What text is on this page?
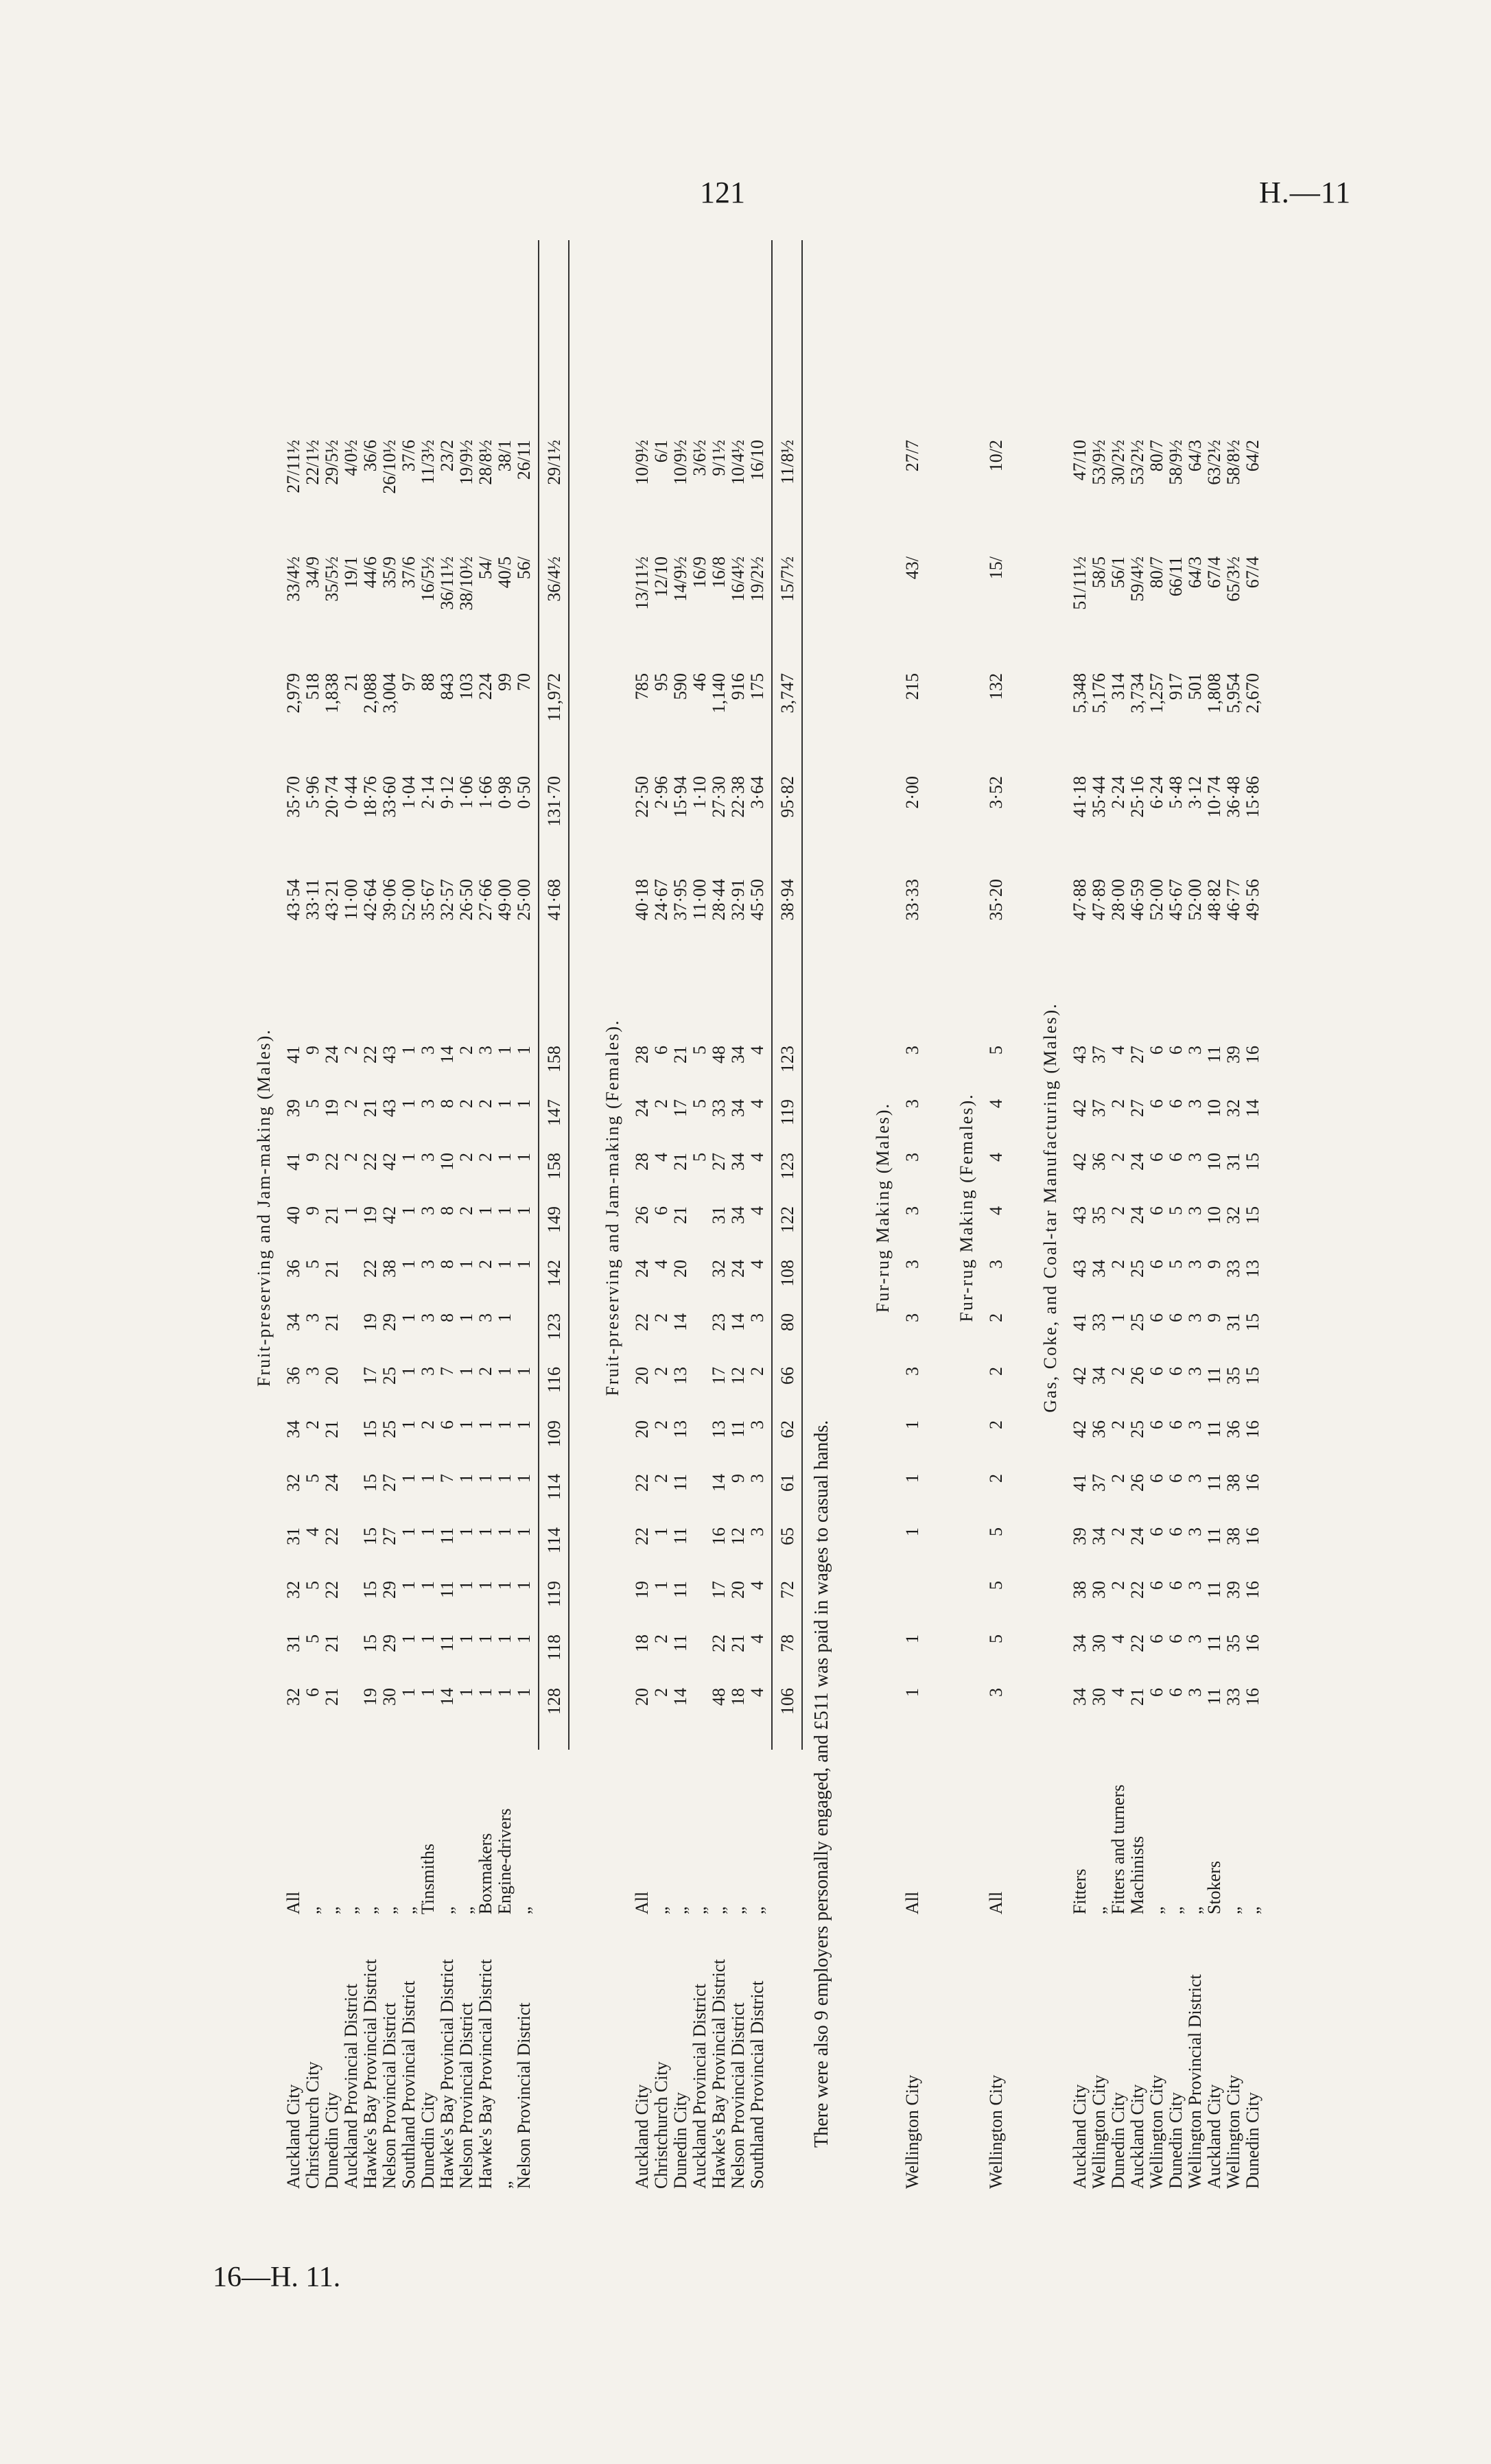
121	H.—11
16—H. 11.
Fruit-preserving and Jam-making (Males).
Auckland City
All
32
31
32
31
32
34
36
34
36
40
41
39
41
43·54
35·70
2,979
33/4½
27/11½
Christchurch City
„
6
5
5
4
5
2
3
3
5
9
9
5
9
33·11
5·96
518
34/9
22/1½
Dunedin City
„
21
21
22
22
24
21
20
21
21
21
22
19
24
43·21
20·74
1,838
35/5½
29/5½
Auckland Provincial District
„
1
2
2
2
11·00
0·44
21
19/1
4/0½
Hawke's Bay Provincial District
„
19
15
15
15
15
15
17
19
22
19
22
21
22
42·64
18·76
2,088
44/6
36/6
Nelson Provincial District
„
30
29
29
27
27
25
25
29
38
42
42
43
43
39·06
33·60
3,004
35/9
26/10½
Southland Provincial District
„
1
1
1
1
1
1
1
1
1
1
1
1
1
52·00
1·04
97
37/6
37/6
Dunedin City
Tinsmiths
1
1
1
1
1
2
3
3
3
3
3
3
3
35·67
2·14
88
16/5½
11/3½
Hawke's Bay Provincial District
„
14
11
11
11
7
6
7
8
8
8
10
8
14
32·57
9·12
843
36/11½
23/2
Nelson Provincial District
„
1
1
1
1
1
1
1
1
1
2
2
2
2
26·50
1·06
103
38/10½
19/9½
Hawke's Bay Provincial District
Boxmakers
1
1
1
1
1
1
2
3
2
1
2
2
3
27·66
1·66
224
54/
28/8½
„
Engine-drivers
1
1
1
1
1
1
1
1
1
1
1
1
1
49·00
0·98
99
40/5
38/1
Nelson Provincial District
„
1
1
1
1
1
1
1
1
1
1
1
1
25·00
0·50
70
56/
26/11
128
118
119
114
114
109
116
123
142
149
158
147
158
41·68
131·70
11,972
36/4½
29/1½
Fruit-preserving and Jam-making (Females).
Auckland City
All
20
18
19
22
22
20
20
22
24
26
28
24
28
40·18
22·50
785
13/11½
10/9½
Christchurch City
„
2
2
1
1
2
2
2
2
4
6
4
2
6
24·67
2·96
95
12/10
6/1
Dunedin City
„
14
11
11
11
11
13
13
14
20
21
21
17
21
37·95
15·94
590
14/9½
10/9½
Auckland Provincial District
„
5
5
5
11·00
1·10
46
16/9
3/6½
Hawke's Bay Provincial District
„
48
22
17
16
14
13
17
23
32
31
27
33
48
28·44
27·30
1,140
16/8
9/1½
Nelson Provincial District
„
18
21
20
12
9
11
12
14
24
34
34
34
34
32·91
22·38
916
16/4½
10/4½
Southland Provincial District
„
4
4
4
3
3
3
2
3
4
4
4
4
4
45·50
3·64
175
19/2½
16/10
106
78
72
65
61
62
66
80
108
122
123
119
123
38·94
95·82
3,747
15/7½
11/8½
There were also 9 employers personally engaged, and £511 was paid in wages to casual hands.
Fur-rug Making (Males).
Wellington City
All
1
1
1
1
1
3
3
3
3
3
3
3
33·33
2·00
215
43/
27/7
Fur-rug Making (Females).
Wellington City
All
3
5
5
5
2
2
2
2
3
4
4
4
5
35·20
3·52
132
15/
10/2
Gas, Coke, and Coal-tar Manufacturing (Males).
Auckland City
Fitters
34
34
38
39
41
42
42
41
43
43
42
42
43
47·88
41·18
5,348
51/11½
47/10
Wellington City
„
30
30
30
34
37
36
34
33
34
35
36
37
37
47·89
35·44
5,176
58/5
53/9½
Dunedin City
Fitters and turners
4
4
2
2
2
2
2
1
2
2
2
2
4
28·00
2·24
314
56/1
30/2½
Auckland City
Machinists
21
22
22
24
26
25
26
25
25
24
24
27
27
46·59
25·16
3,734
59/4½
53/2½
Wellington City
„
6
6
6
6
6
6
6
6
6
6
6
6
6
52·00
6·24
1,257
80/7
80/7
Dunedin City
„
6
6
6
6
6
6
6
6
5
5
6
6
6
45·67
5·48
917
66/11
58/9½
Wellington Provincial District
„
3
3
3
3
3
3
3
3
3
3
3
3
3
52·00
3·12
501
64/3
64/3
Auckland City
Stokers
11
11
11
11
11
11
11
9
9
10
10
10
11
48·82
10·74
1,808
67/4
63/2½
Wellington City
„
33
35
39
38
38
36
35
31
33
32
31
32
39
46·77
36·48
5,954
65/3½
58/8½
Dunedin City
„
16
16
16
16
16
16
15
15
13
15
15
14
16
49·56
15·86
2,670
67/4
64/2
